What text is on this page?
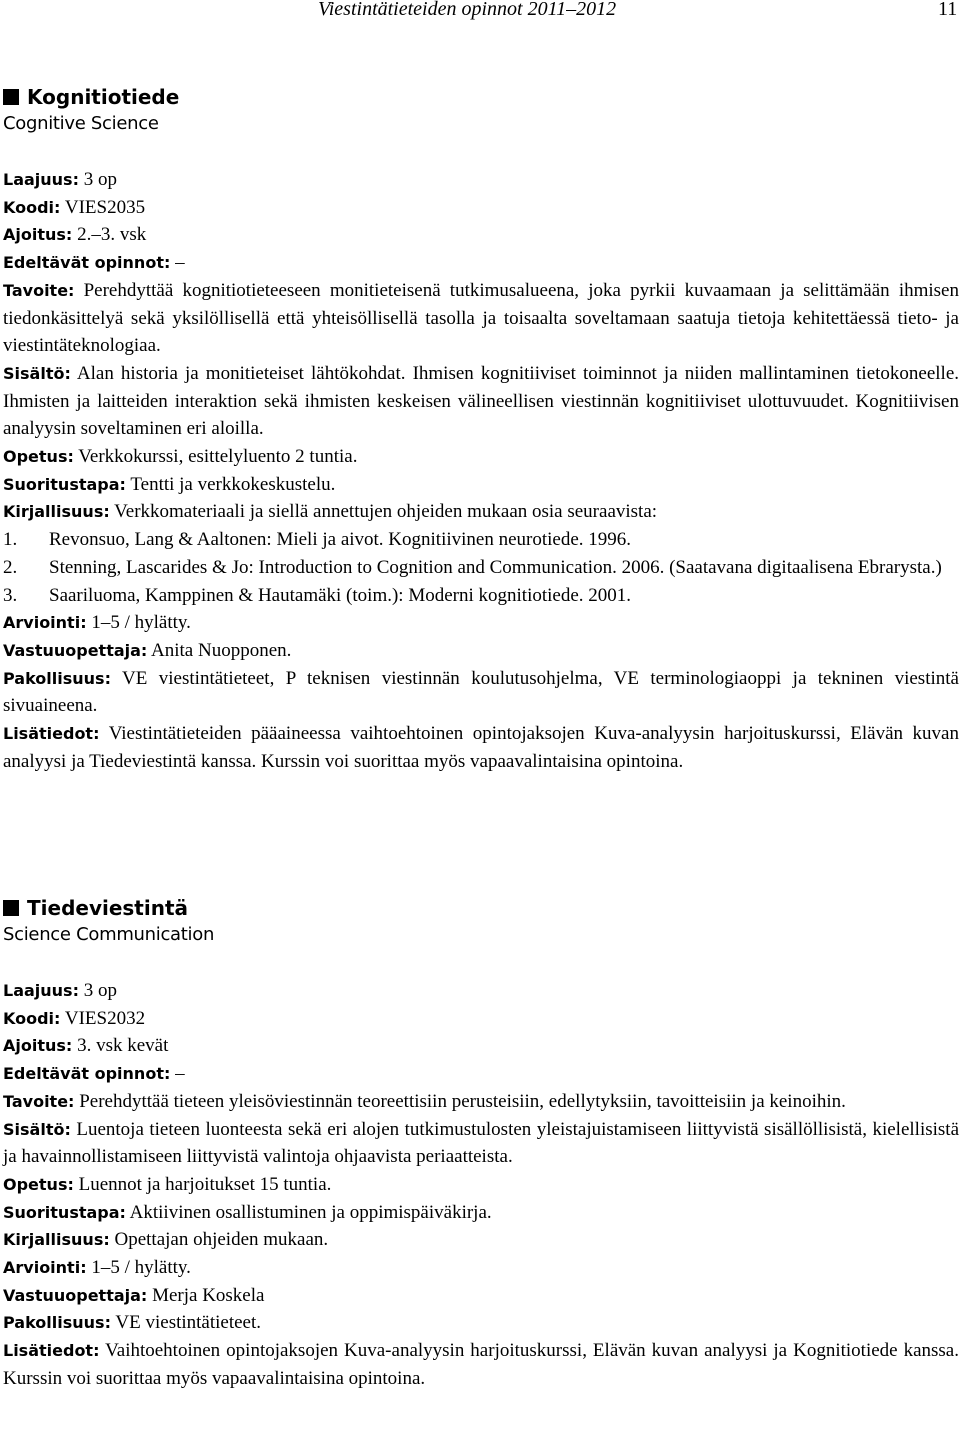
Viestintätieteiden opinnot 2011–2012	11
Kognitiotiede
Cognitive Science

Laajuus: 3 op

Koodi: VIES2035

Ajoitus: 2.–3. vsk

Edeltävät opinnot: –

Tavoite: Perehdyttää kognitiotieteeseen monitieteisenä tutkimusalueena, joka pyrkii kuvaamaan ja selittämään ihmisen tiedonkäsittelyä sekä yksilöllisellä että yhteisöllisellä tasolla ja toisaalta soveltamaan saatuja tietoja kehitettäessä tieto- ja viestintäteknologiaa.

Sisältö: Alan historia ja monitieteiset lähtökohdat. Ihmisen kognitiiviset toiminnot ja niiden mallintaminen tietokoneelle. Ihmisten ja laitteiden interaktion sekä ihmisten keskeisen välineellisen viestinnän kognitiiviset ulottuvuudet. Kognitiivisen analyysin soveltaminen eri aloilla.

Opetus: Verkkokurssi, esittelyluento 2 tuntia.

Suoritustapa: Tentti ja verkkokeskustelu.

Kirjallisuus: Verkkomateriaali ja siellä annettujen ohjeiden mukaan osia seuraavista:

1.	Revonsuo, Lang & Aaltonen: Mieli ja aivot. Kognitiivinen neurotiede. 1996.
2.	Stenning, Lascarides & Jo: Introduction to Cognition and Communication. 2006. (Saatavana digitaalisena Ebrarysta.)
3.	Saariluoma, Kamppinen & Hautamäki (toim.): Moderni kognitiotiede. 2001.

Arviointi: 1–5 / hylätty.

Vastuuopettaja: Anita Nuopponen.

Pakollisuus: VE viestintätieteet, P teknisen viestinnän koulutusohjelma, VE terminologiaoppi ja tekninen viestintä sivuaineena.

Lisätiedot: Viestintätieteiden pääaineessa vaihtoehtoinen opintojaksojen Kuva-analyysin harjoituskurssi, Elävän kuvan analyysi ja Tiedeviestintä kanssa. Kurssin voi suorittaa myös vapaavalintaisina opintoina.

Tiedeviestintä
Science Communication

Laajuus: 3 op

Koodi: VIES2032

Ajoitus: 3. vsk kevät

Edeltävät opinnot: –

Tavoite: Perehdyttää tieteen yleisöviestinnän teoreettisiin perusteisiin, edellytyksiin, tavoitteisiin ja keinoihin.

Sisältö: Luentoja tieteen luonteesta sekä eri alojen tutkimustulosten yleistajuistamiseen liittyvistä sisällöllisistä, kielellisistä ja havainnollistamiseen liittyvistä valintoja ohjaavista periaatteista.

Opetus: Luennot ja harjoitukset 15 tuntia.

Suoritustapa: Aktiivinen osallistuminen ja oppimispäiväkirja.

Kirjallisuus: Opettajan ohjeiden mukaan.

Arviointi: 1–5 / hylätty.

Vastuuopettaja: Merja Koskela

Pakollisuus: VE viestintätieteet.

Lisätiedot: Vaihtoehtoinen opintojaksojen Kuva-analyysin harjoituskurssi, Elävän kuvan analyysi ja Kognitiotiede kanssa. Kurssin voi suorittaa myös vapaavalintaisina opintoina.
